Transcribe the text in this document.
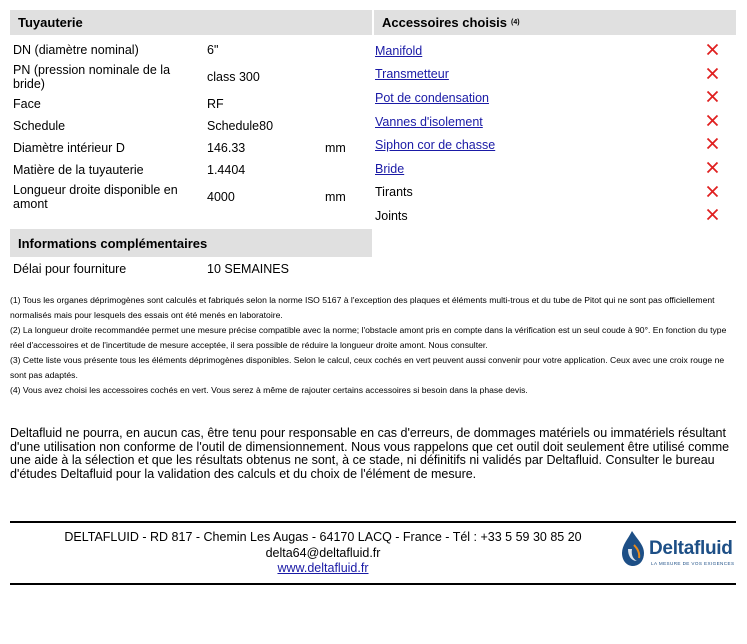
Tuyauterie
DN (diamètre nominal)	6"
PN (pression nominale de la bride)	class 300
Face	RF
Schedule	Schedule80
Diamètre intérieur D	146.33	mm
Matière de la tuyauterie	1.4404
Longueur droite disponible en amont	4000	mm
Accessoires choisis (4)
Manifold
Transmetteur
Pot de condensation
Vannes d'isolement
Siphon cor de chasse
Bride
Tirants
Joints
Informations complémentaires
Délai pour fourniture	10 SEMAINES

(1) Tous les organes déprimogènes sont calculés et fabriqués selon la norme ISO 5167 à l'exception des plaques et éléments multi-trous et du tube de Pitot qui ne sont pas officiellement normalisés mais pour lesquels des essais ont été menés en laboratoire.

(2) La longueur droite recommandée permet une mesure précise compatible avec la norme; l'obstacle amont pris en compte dans la vérification est un seul coude à 90°. En fonction du type réel d'accessoires et de l'incertitude de mesure acceptée, il sera possible de réduire la longueur droite amont. Nous consulter.

(3) Cette liste vous présente tous les éléments déprimogènes disponibles. Selon le calcul, ceux cochés en vert peuvent aussi convenir pour votre application. Ceux avec une croix rouge ne sont pas adaptés.

(4) Vous avez choisi les accessoires cochés en vert. Vous serez à même de rajouter certains accessoires si besoin dans la phase devis.

Deltafluid ne pourra, en aucun cas, être tenu pour responsable en cas d'erreurs, de dommages matériels ou immatériels résultant d'une utilisation non conforme de l'outil de dimensionnement. Nous vous rappelons que cet outil doit seulement être utilisé comme une aide à la sélection et que les résultats obtenus ne sont, à ce stade, ni définitifs ni validés par Deltafluid. Consulter le bureau d'études Deltafluid pour la validation des calculs et du choix de l'élément de mesure.
DELTAFLUID - RD 817 - Chemin Les Augas - 64170 LACQ - France - Tél : +33 5 59 30 85 20
delta64@deltafluid.fr
www.deltafluid.fr
Deltafluid
LA MESURE DE VOS EXIGENCES
